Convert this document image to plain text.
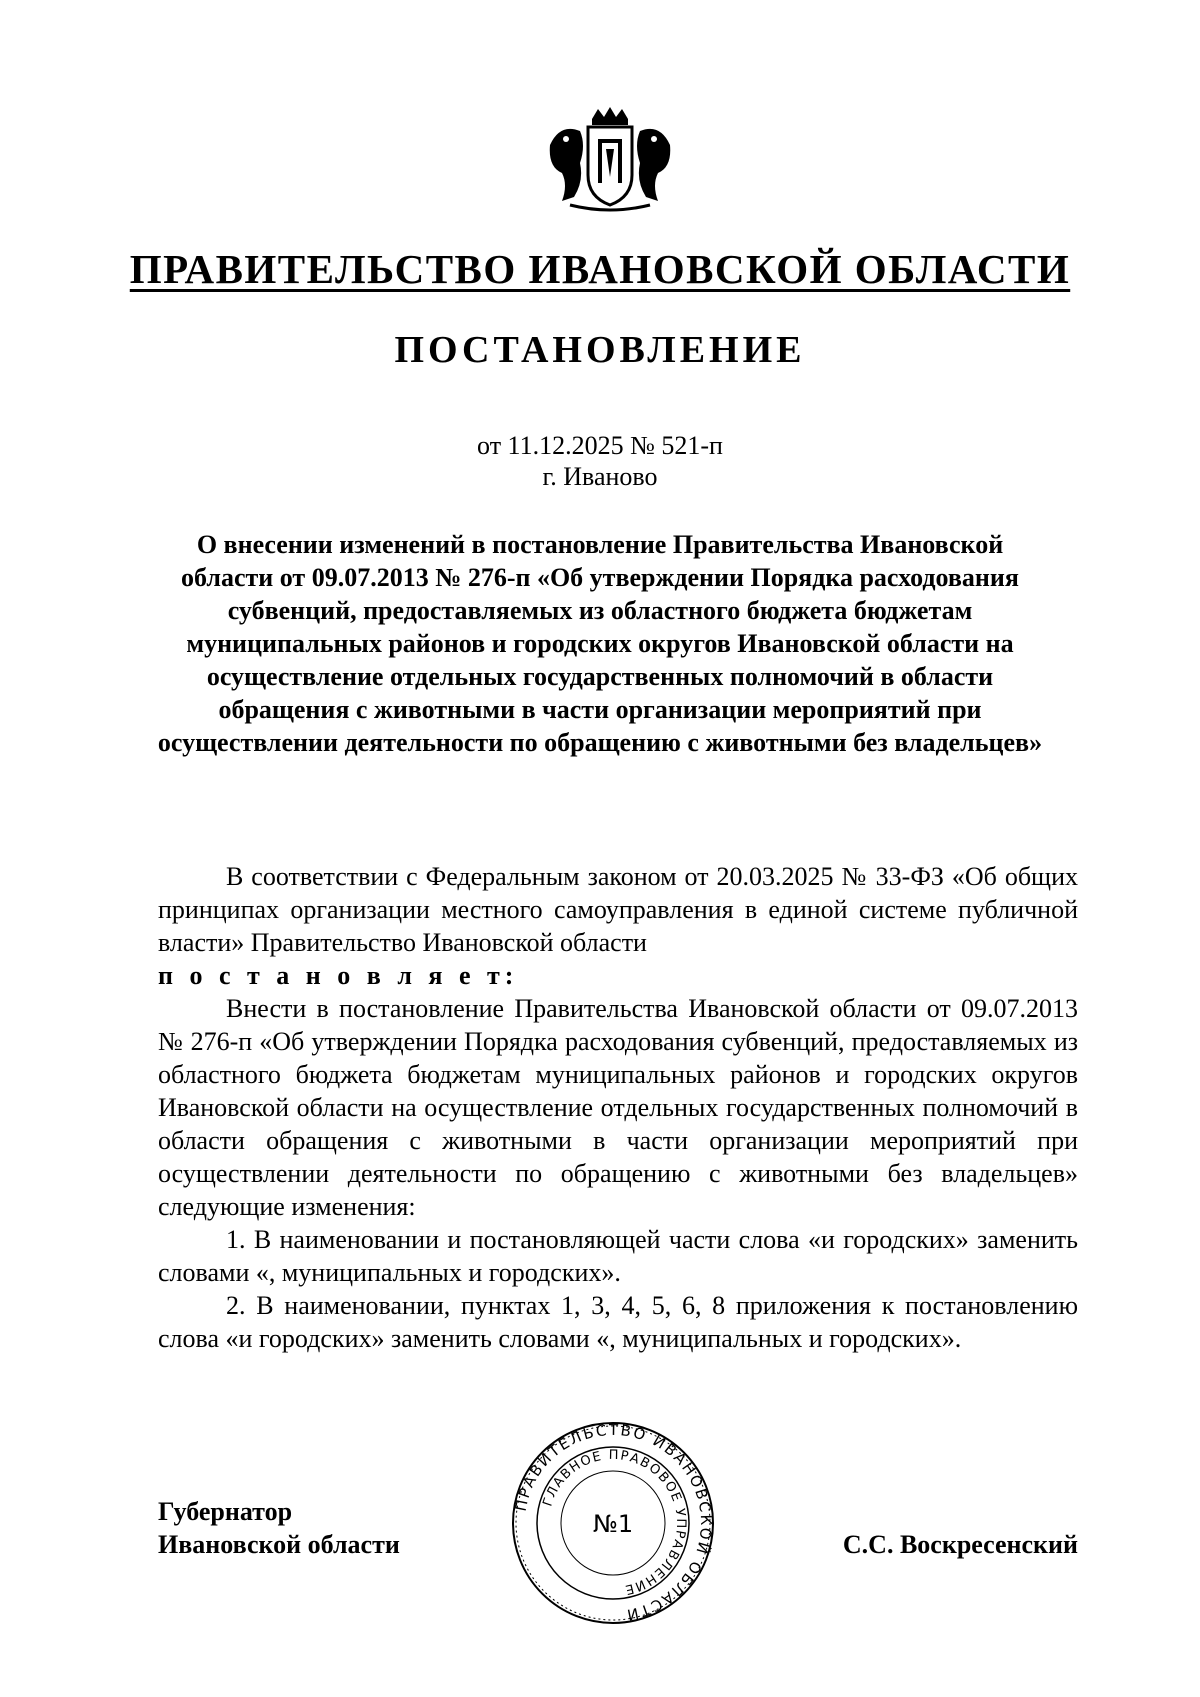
ПРАВИТЕЛЬСТВО ИВАНОВСКОЙ ОБЛАСТИ
ПОСТАНОВЛЕНИЕ
от 11.12.2025 № 521-п
г. Иваново
О внесении изменений в постановление Правительства Ивановской области от 09.07.2013 № 276-п «Об утверждении Порядка расходования субвенций, предоставляемых из областного бюджета бюджетам муниципальных районов и городских округов Ивановской области на осуществление отдельных государственных полномочий в области обращения с животными в части организации мероприятий при осуществлении деятельности по обращению с животными без владельцев»

В соответствии с Федеральным законом от 20.03.2025 № 33-ФЗ «Об общих принципах организации местного самоуправления в единой системе публичной власти» Правительство Ивановской области

п о с т а н о в л я е т:

Внести в постановление Правительства Ивановской области от 09.07.2013 № 276-п «Об утверждении Порядка расходования субвенций, предоставляемых из областного бюджета бюджетам муниципальных районов и городских округов Ивановской области на осуществление отдельных государственных полномочий в области обращения с животными в части организации мероприятий при осуществлении деятельности по обращению с животными без владельцев» следующие изменения:

1. В наименовании и постановляющей части слова «и городских» заменить словами «, муниципальных и городских».

2. В наименовании, пунктах 1, 3, 4, 5, 6, 8 приложения к постановлению слова «и городских» заменить словами «, муниципальных и городских».

Губернатор
Ивановской области
ПРАВИТЕЛЬСТВО ИВАНОВСКОЙ ОБЛАСТИ
ГЛАВНОЕ ПРАВОВОЕ УПРАВЛЕНИЕ
№1
С.С. Воскресенский
